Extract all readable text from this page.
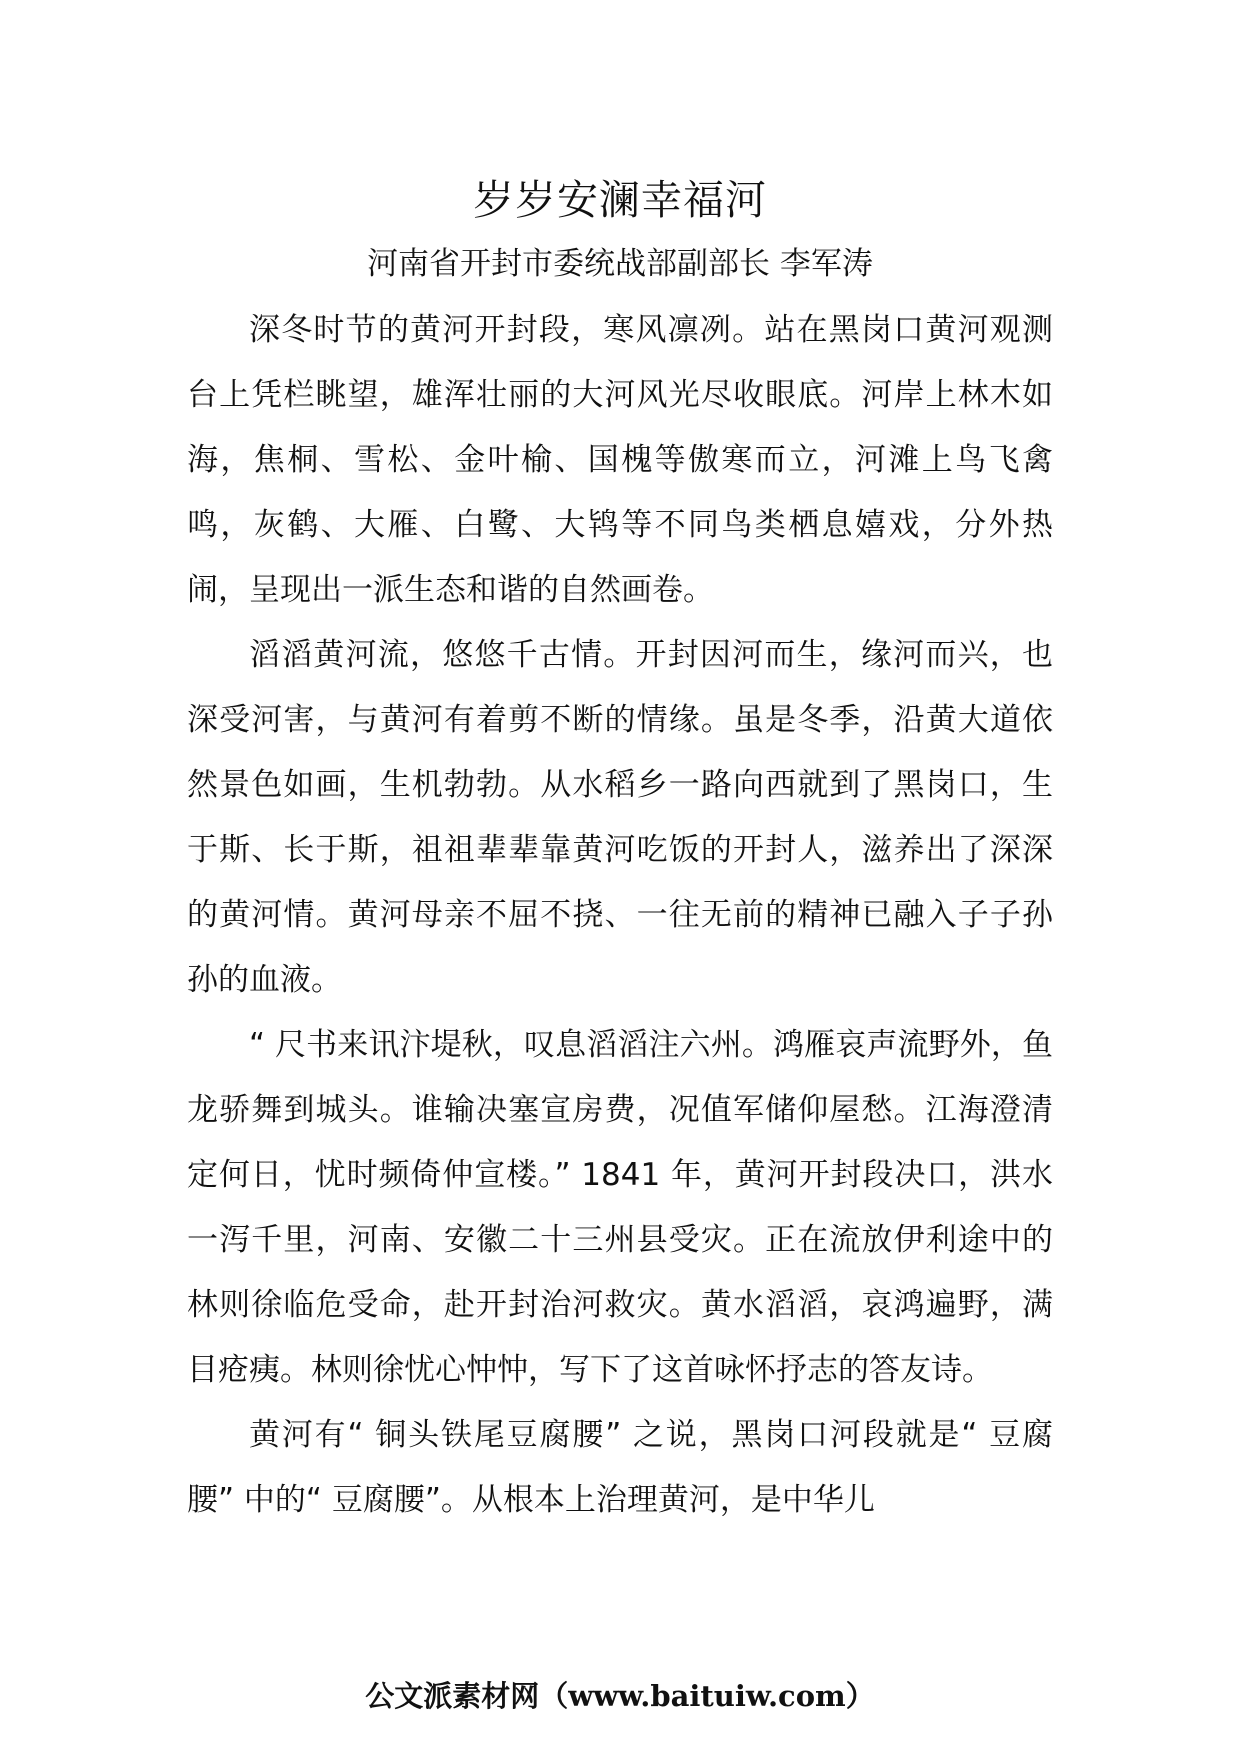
岁岁安澜幸福河
河南省开封市委统战部副部长 李军涛

深冬时节的黄河开封段，寒风凛冽。站在黑岗口黄河观测台上凭栏眺望，雄浑壮丽的大河风光尽收眼底。河岸上林木如海，焦桐、雪松、金叶榆、国槐等傲寒而立，河滩上鸟飞禽鸣，灰鹤、大雁、白鹭、大鸨等不同鸟类栖息嬉戏，分外热闹，呈现出一派生态和谐的自然画卷。

滔滔黄河流，悠悠千古情。开封因河而生，缘河而兴，也深受河害，与黄河有着剪不断的情缘。虽是冬季，沿黄大道依然景色如画，生机勃勃。从水稻乡一路向西就到了黑岗口，生于斯、长于斯，祖祖辈辈靠黄河吃饭的开封人，滋养出了深深的黄河情。黄河母亲不屈不挠、一往无前的精神已融入子子孙孙的血液。

“ 尺书来讯汴堤秋，叹息滔滔注六州。鸿雁哀声流野外，鱼龙骄舞到城头。谁输决塞宣房费，况值军储仰屋愁。江海澄清定何日，忧时频倚仲宣楼。” 1841 年，黄河开封段决口，洪水一泻千里，河南、安徽二十三州县受灾。正在流放伊利途中的林则徐临危受命，赴开封治河救灾。黄水滔滔，哀鸿遍野，满目疮痍。林则徐忧心忡忡，写下了这首咏怀抒志的答友诗。

黄河有“ 铜头铁尾豆腐腰” 之说，黑岗口河段就是“ 豆腐腰” 中的“ 豆腐腰”。从根本上治理黄河，是中华儿

公文派素材网（www.baituiw.com）
